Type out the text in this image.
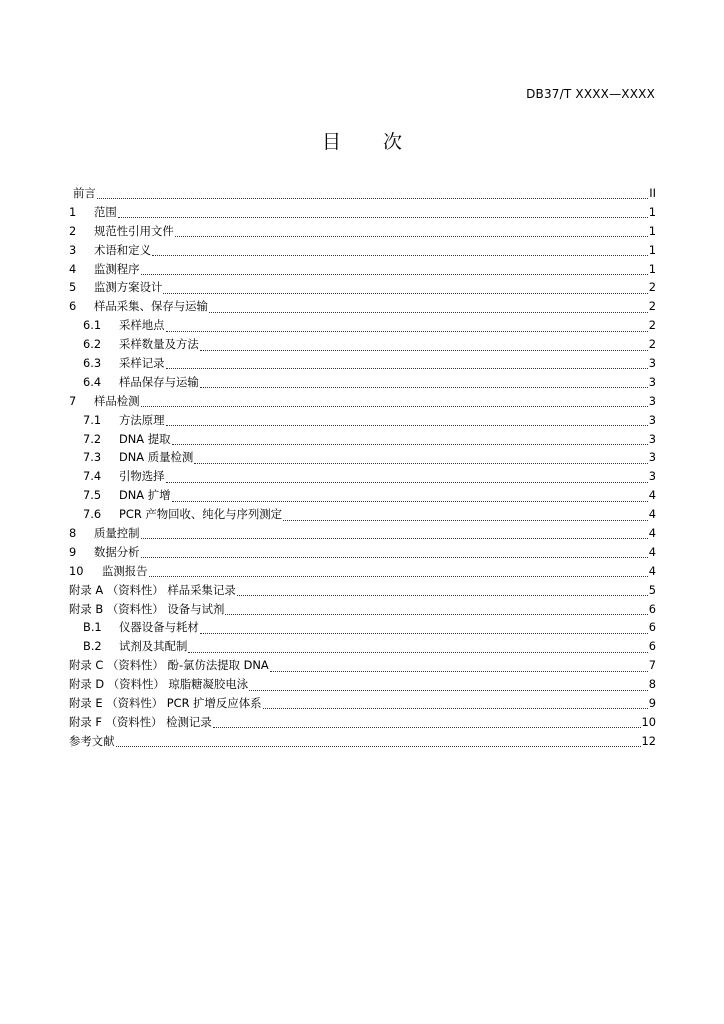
DB37/T XXXX—XXXX
目 次
前言	II
1	范围	1
2	规范性引用文件	1
3	术语和定义	1
4	监测程序	1
5	监测方案设计	2
6	样品采集、保存与运输	2
6.1	采样地点	2
6.2	采样数量及方法	2
6.3	采样记录	3
6.4	样品保存与运输	3
7	样品检测	3
7.1	方法原理	3
7.2	DNA 提取	3
7.3	DNA 质量检测	3
7.4	引物选择	3
7.5	DNA 扩增	4
7.6	PCR 产物回收、纯化与序列测定	4
8	质量控制	4
9	数据分析	4
10	监测报告	4
附录 A （资料性） 样品采集记录	5
附录 B （资料性） 设备与试剂	6
B.1	仪器设备与耗材	6
B.2	试剂及其配制	6
附录 C （资料性） 酚-氯仿法提取 DNA	7
附录 D （资料性） 琼脂糖凝胶电泳	8
附录 E （资料性） PCR 扩增反应体系	9
附录 F （资料性） 检测记录	10
参考文献	12
